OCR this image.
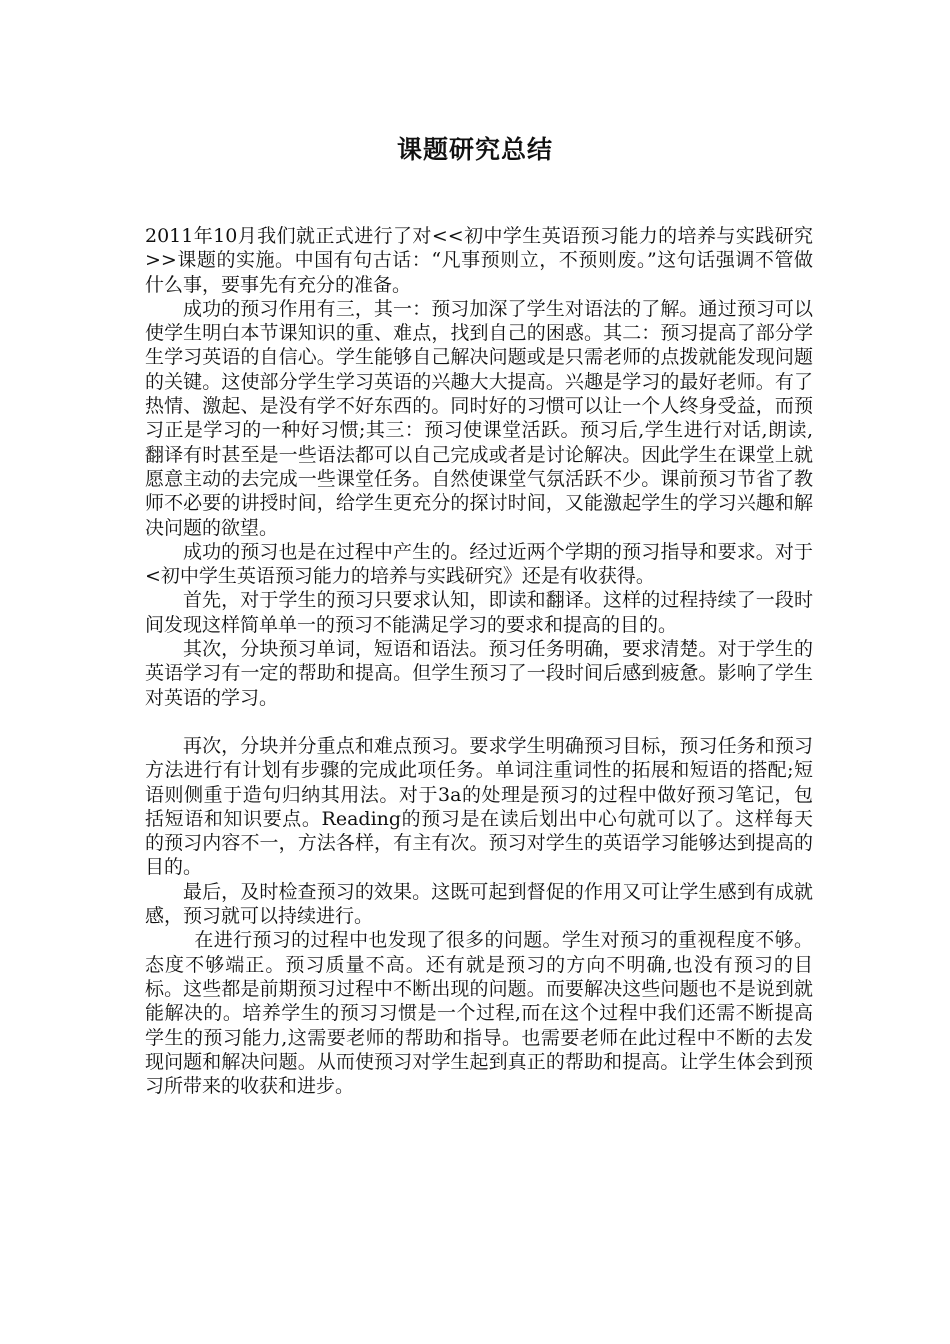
课题研究总结

2011年10月我们就正式进行了对<<初中学生英语预习能力的培养与实践研究>>课题的实施。中国有句古话：“凡事预则立，不预则废。”这句话强调不管做什么事，要事先有充分的准备。

成功的预习作用有三，其一：预习加深了学生对语法的了解。通过预习可以使学生明白本节课知识的重、难点，找到自己的困惑。其二：预习提高了部分学生学习英语的自信心。学生能够自己解决问题或是只需老师的点拨就能发现问题的关键。这使部分学生学习英语的兴趣大大提高。兴趣是学习的最好老师。有了热情、激起、是没有学不好东西的。同时好的习惯可以让一个人终身受益，而预习正是学习的一种好习惯;其三：预习使课堂活跃。预习后,学生进行对话,朗读,翻译有时甚至是一些语法都可以自己完成或者是讨论解决。因此学生在课堂上就愿意主动的去完成一些课堂任务。自然使课堂气氛活跃不少。课前预习节省了教师不必要的讲授时间，给学生更充分的探讨时间，又能激起学生的学习兴趣和解决问题的欲望。

成功的预习也是在过程中产生的。经过近两个学期的预习指导和要求。对于<初中学生英语预习能力的培养与实践研究》还是有收获得。

首先，对于学生的预习只要求认知，即读和翻译。这样的过程持续了一段时间发现这样简单单一的预习不能满足学习的要求和提高的目的。

其次，分块预习单词，短语和语法。预习任务明确，要求清楚。对于学生的英语学习有一定的帮助和提高。但学生预习了一段时间后感到疲惫。影响了学生对英语的学习。

再次，分块并分重点和难点预习。要求学生明确预习目标，预习任务和预习方法进行有计划有步骤的完成此项任务。单词注重词性的拓展和短语的搭配;短语则侧重于造句归纳其用法。对于3a的处理是预习的过程中做好预习笔记，包括短语和知识要点。Reading的预习是在读后划出中心句就可以了。这样每天的预习内容不一，方法各样，有主有次。预习对学生的英语学习能够达到提高的目的。

最后，及时检查预习的效果。这既可起到督促的作用又可让学生感到有成就感，预习就可以持续进行。

在进行预习的过程中也发现了很多的问题。学生对预习的重视程度不够。态度不够端正。预习质量不高。还有就是预习的方向不明确,也没有预习的目标。这些都是前期预习过程中不断出现的问题。而要解决这些问题也不是说到就能解决的。培养学生的预习习惯是一个过程,而在这个过程中我们还需不断提高学生的预习能力,这需要老师的帮助和指导。也需要老师在此过程中不断的去发现问题和解决问题。从而使预习对学生起到真正的帮助和提高。让学生体会到预习所带来的收获和进步。
